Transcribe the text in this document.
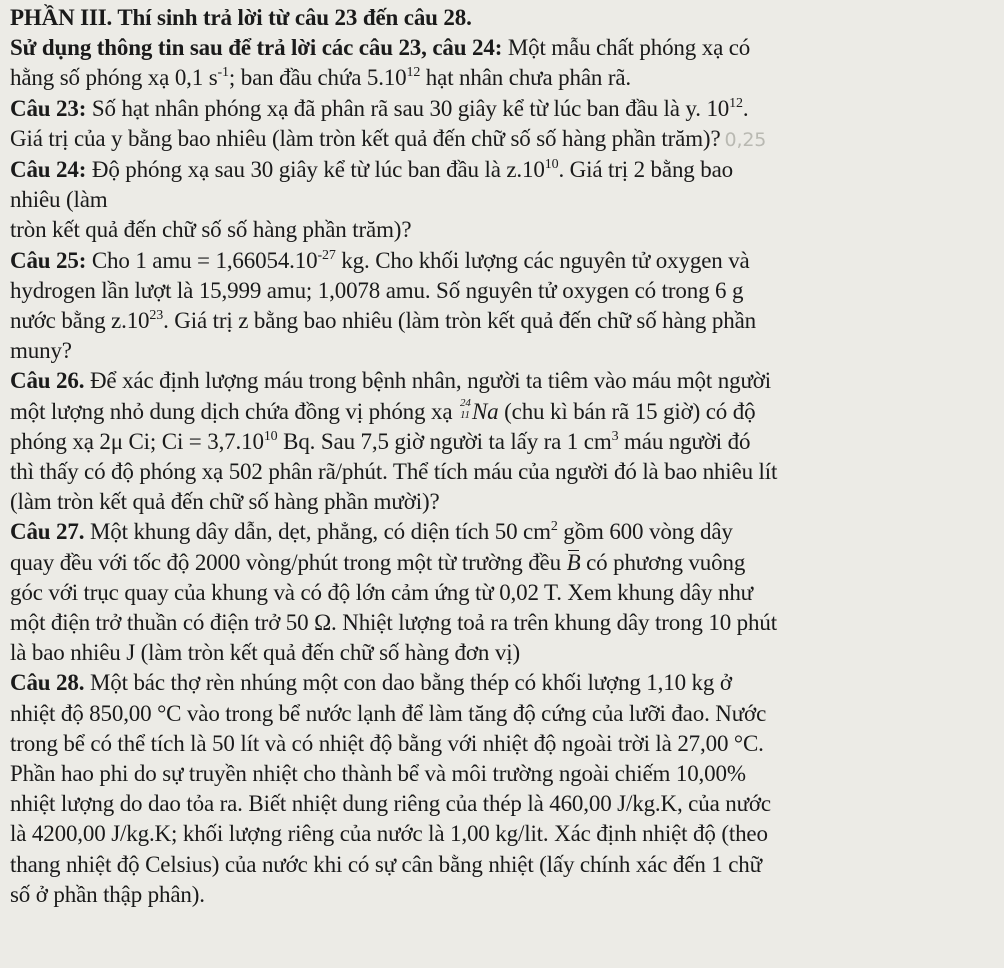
PHẦN III. Thí sinh trả lời từ câu 23 đến câu 28.
Sử dụng thông tin sau để trả lời các câu 23, câu 24: Một mẫu chất phóng xạ có
hằng số phóng xạ 0,1 $s^{-1}$; ban đầu chứa 5.10$^{12}$ hạt nhân chưa phân rã.
Câu 23: Số hạt nhân phóng xạ đã phân rã sau 30 giây kể từ lúc ban đầu là y. $10^{12}$.
Giá trị của y bằng bao nhiêu (làm tròn kết quả đến chữ số số hàng phần trăm)? 0,25
Câu 24: Độ phóng xạ sau 30 giây kể từ lúc ban đầu là $z.10^{10}$. Giá trị 2 bằng bao
nhiêu (làm
tròn kết quả đến chữ số số hàng phần trăm)?
Câu 25: Cho 1 amu = $1,66054.10^{-27}$ kg. Cho khối lượng các nguyên tử oxygen và
hydrogen lần lượt là 15,999 amu; 1,0078 amu. Số nguyên tử oxygen có trong 6 g
nước bằng $z.10^{23}$. Giá trị z bằng bao nhiêu (làm tròn kết quả đến chữ số hàng phần
muny?
Câu 26. Để xác định lượng máu trong bệnh nhân, người ta tiêm vào máu một người
một lượng nhỏ dung dịch chứa đồng vị phóng xạ 24
11 Na (chu kì bán rã 15 giờ) có độ
phóng xạ 2μ Ci; $Ci = 3,7.10^{10}$ Bq. Sau 7,5 giờ người ta lấy ra 1 $cm^3$ máu người đó
thì thấy có độ phóng xạ 502 phân rã/phút. Thể tích máu của người đó là bao nhiêu lít
(làm tròn kết quả đến chữ số hàng phần mười)?
Câu 27. Một khung dây dẫn, dẹt, phẳng, có diện tích 50 $cm^2$ gồm 600 vòng dây
quay đều với tốc độ 2000 vòng/phút trong một từ trường đều B có phương vuông
góc với trục quay của khung và có độ lớn cảm ứng từ 0,02 T. Xem khung dây như
một điện trở thuần có điện trở 50 Ω. Nhiệt lượng toả ra trên khung dây trong 10 phút
là bao nhiêu J (làm tròn kết quả đến chữ số hàng đơn vị)
Câu 28. Một bác thợ rèn nhúng một con dao bằng thép có khối lượng 1,10 kg ở
nhiệt độ 850,00 °C vào trong bể nước lạnh để làm tăng độ cứng của lưỡi đao. Nước
trong bể có thể tích là 50 lít và có nhiệt độ bằng với nhiệt độ ngoài trời là 27,00 °C.
Phần hao phi do sự truyền nhiệt cho thành bể và môi trường ngoài chiếm 10,00%
nhiệt lượng do dao tỏa ra. Biết nhiệt dung riêng của thép là 460,00 J/kg.K, của nước
là 4200,00 J/kg.K; khối lượng riêng của nước là 1,00 kg/lit. Xác định nhiệt độ (theo
thang nhiệt độ Celsius) của nước khi có sự cân bằng nhiệt (lấy chính xác đến 1 chữ
số ở phần thập phân).
